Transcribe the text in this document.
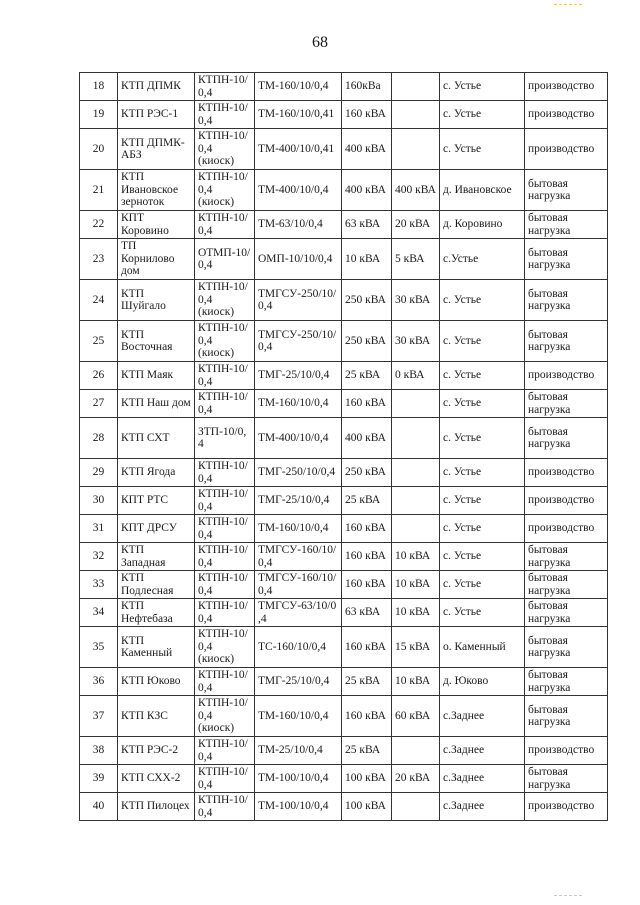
68
18	КТП ДПМК	КТПН-10/0,4	ТМ-160/10/0,4	160кВа		с. Устье	производство
19	КТП РЭС-1	КТПН-10/0,4	ТМ-160/10/0,41	160 кВА		с. Устье	производство
20	КТП ДПМК-АБЗ	КТПН-10/0,4 (киоск)	ТМ-400/10/0,41	400 кВА		с. Устье	производство
21	КТП Ивановское зерноток	КТПН-10/0,4 (киоск)	ТМ-400/10/0,4	400 кВА	400 кВА	д. Ивановское	бытовая нагрузка
22	КПТ Коровино	КТПН-10/0,4	ТМ-63/10/0,4	63 кВА	20 кВА	д. Коровино	бытовая нагрузка
23	ТП Корнилово дом	ОТМП-10/0,4	ОМП-10/10/0,4	10 кВА	5 кВА	с.Устье	бытовая нагрузка
24	КТП Шуйгало	КТПН-10/0,4 (киоск)	ТМГСУ-250/10/0,4	250 кВА	30 кВА	с. Устье	бытовая нагрузка
25	КТП Восточная	КТПН-10/0,4 (киоск)	ТМГСУ-250/10/0,4	250 кВА	30 кВА	с. Устье	бытовая нагрузка
26	КТП Маяк	КТПН-10/0,4	ТМГ-25/10/0,4	25 кВА	0 кВА	с. Устье	производство
27	КТП Наш дом	КТПН-10/0,4	ТМ-160/10/0,4	160 кВА		с. Устье	бытовая нагрузка
28	КТП СХТ	ЗТП-10/0,4	ТМ-400/10/0,4	400 кВА		с. Устье	бытовая нагрузка
29	КТП Ягода	КТПН-10/0,4	ТМГ-250/10/0,4	250 кВА		с. Устье	производство
30	КПТ РТС	КТПН-10/0,4	ТМГ-25/10/0,4	25 кВА		с. Устье	производство
31	КПТ ДРСУ	КТПН-10/0,4	ТМ-160/10/0,4	160 кВА		с. Устье	производство
32	КТП Западная	КТПН-10/0,4	ТМГСУ-160/10/0,4	160 кВА	10 кВА	с. Устье	бытовая нагрузка
33	КТП Подлесная	КТПН-10/0,4	ТМГСУ-160/10/0,4	160 кВА	10 кВА	с. Устье	бытовая нагрузка
34	КТП Нефтебаза	КТПН-10/0,4	ТМГСУ-63/10/0,4	63 кВА	10 кВА	с. Устье	бытовая нагрузка
35	КТП Каменный	КТПН-10/0,4 (киоск)	ТС-160/10/0,4	160 кВА	15 кВА	о. Каменный	бытовая нагрузка
36	КТП Юково	КТПН-10/0,4	ТМГ-25/10/0,4	25 кВА	10 кВА	д. Юково	бытовая нагрузка
37	КТП КЗС	КТПН-10/0,4 (киоск)	ТМ-160/10/0,4	160 кВА	60 кВА	с.Заднее	бытовая нагрузка
38	КТП РЭС-2	КТПН-10/0,4	ТМ-25/10/0,4	25 кВА		с.Заднее	производство
39	КТП СХХ-2	КТПН-10/0,4	ТМ-100/10/0,4	100 кВА	20 кВА	с.Заднее	бытовая нагрузка
40	КТП Пилоцех	КТПН-10/0,4	ТМ-100/10/0,4	100 кВА		с.Заднее	производство
